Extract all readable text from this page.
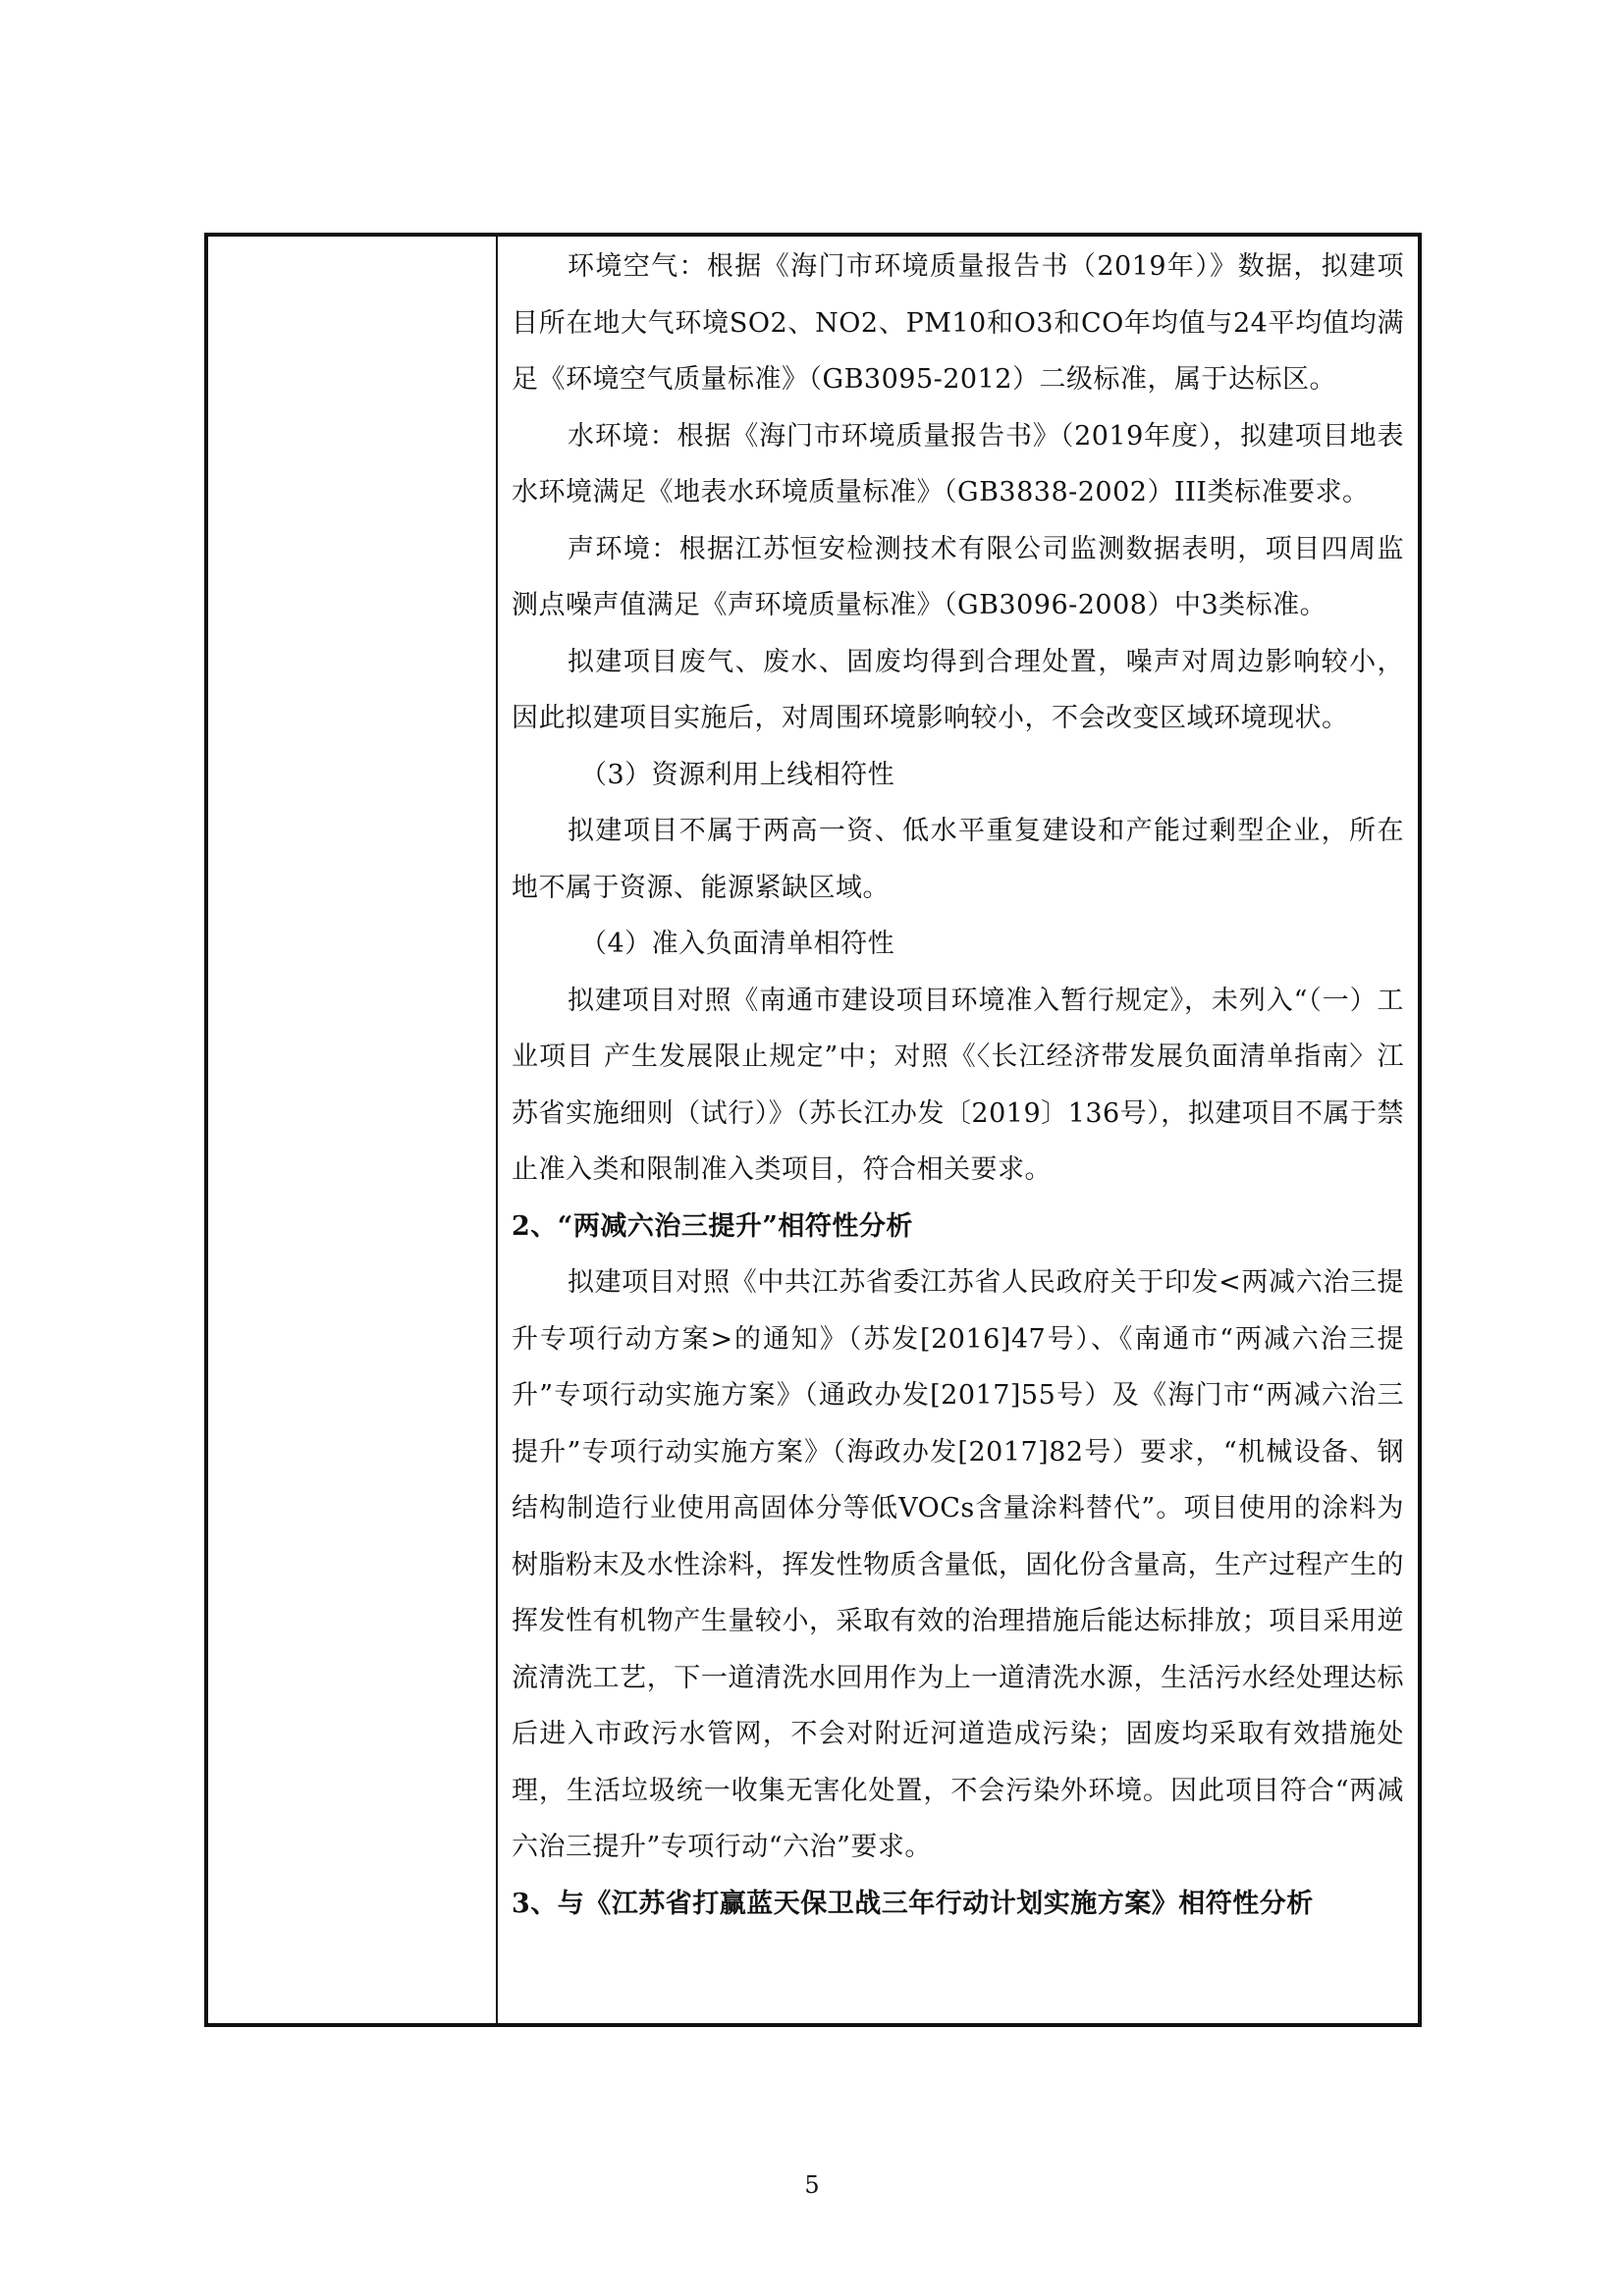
环境空气：根据《海门市环境质量报告书（2019年）》数据，拟建项目所在地大气环境SO2、NO2、PM10和O3和CO年均值与24平均值均满足《环境空气质量标准》（GB3095-2012）二级标准，属于达标区。

水环境：根据《海门市环境质量报告书》（2019年度），拟建项目地表水环境满足《地表水环境质量标准》（GB3838-2002）III类标准要求。

声环境：根据江苏恒安检测技术有限公司监测数据表明，项目四周监测点噪声值满足《声环境质量标准》（GB3096-2008）中3类标准。

拟建项目废气、废水、固废均得到合理处置，噪声对周边影响较小，因此拟建项目实施后，对周围环境影响较小，不会改变区域环境现状。

（3）资源利用上线相符性

拟建项目不属于两高一资、低水平重复建设和产能过剩型企业，所在地不属于资源、能源紧缺区域。

（4）准入负面清单相符性

拟建项目对照《南通市建设项目环境准入暂行规定》，未列入“（一）工业项目 产生发展限止规定”中；对照《〈长江经济带发展负面清单指南〉江苏省实施细则（试行）》（苏长江办发〔2019〕136号），拟建项目不属于禁止准入类和限制准入类项目，符合相关要求。

2、“两减六治三提升”相符性分析

拟建项目对照《中共江苏省委江苏省人民政府关于印发<两减六治三提升专项行动方案>的通知》（苏发[2016]47号）、《南通市“两减六治三提升”专项行动实施方案》（通政办发[2017]55号）及《海门市“两减六治三提升”专项行动实施方案》（海政办发[2017]82号）要求，“机械设备、钢结构制造行业使用高固体分等低VOCs含量涂料替代”。项目使用的涂料为树脂粉末及水性涂料，挥发性物质含量低，固化份含量高，生产过程产生的挥发性有机物产生量较小，采取有效的治理措施后能达标排放；项目采用逆流清洗工艺，下一道清洗水回用作为上一道清洗水源，生活污水经处理达标后进入市政污水管网，不会对附近河道造成污染；固废均采取有效措施处理，生活垃圾统一收集无害化处置，不会污染外环境。因此项目符合“两减六治三提升”专项行动“六治”要求。

3、与《江苏省打赢蓝天保卫战三年行动计划实施方案》相符性分析

5
